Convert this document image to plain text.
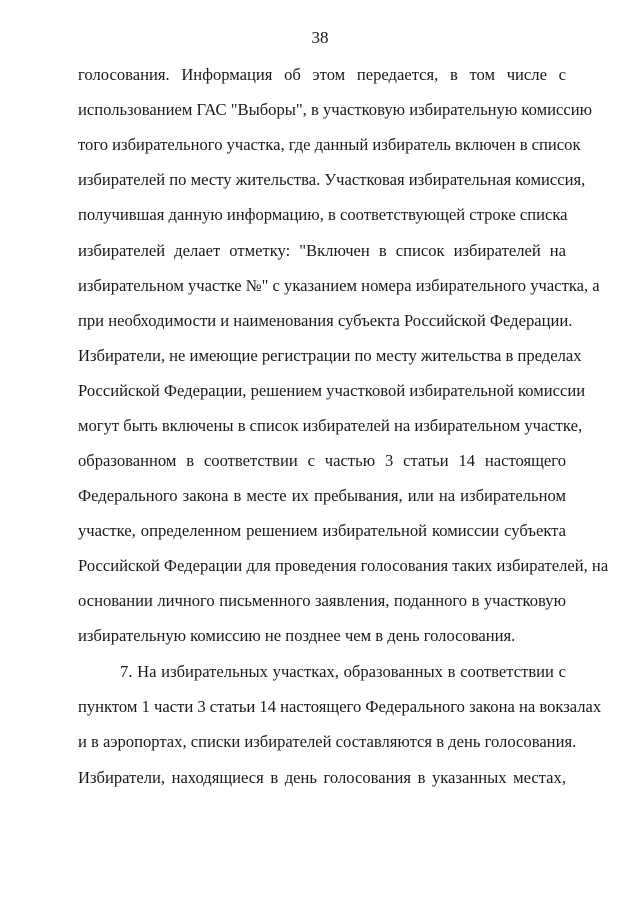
38
голосования. Информация об этом передается, в том числе с
использованием ГАС "Выборы", в участковую избирательную комиссию
того избирательного участка, где данный избиратель включен в список
избирателей по месту жительства. Участковая избирательная комиссия,
получившая данную информацию, в соответствующей строке списка
избирателей делает отметку: "Включен в список избирателей на
избирательном участке №" с указанием номера избирательного участка, а
при необходимости и наименования субъекта Российской Федерации.
Избиратели, не имеющие регистрации по месту жительства в пределах
Российской Федерации, решением участковой избирательной комиссии
могут быть включены в список избирателей на избирательном участке,
образованном в соответствии с частью 3 статьи 14 настоящего
Федерального закона в месте их пребывания, или на избирательном
участке, определенном решением избирательной комиссии субъекта
Российской Федерации для проведения голосования таких избирателей, на
основании личного письменного заявления, поданного в участковую
избирательную комиссию не позднее чем в день голосования.
7. На избирательных участках, образованных в соответствии с
пунктом 1 части 3 статьи 14 настоящего Федерального закона на вокзалах
и в аэропортах, списки избирателей составляются в день голосования.
Избиратели, находящиеся в день голосования в указанных местах,
